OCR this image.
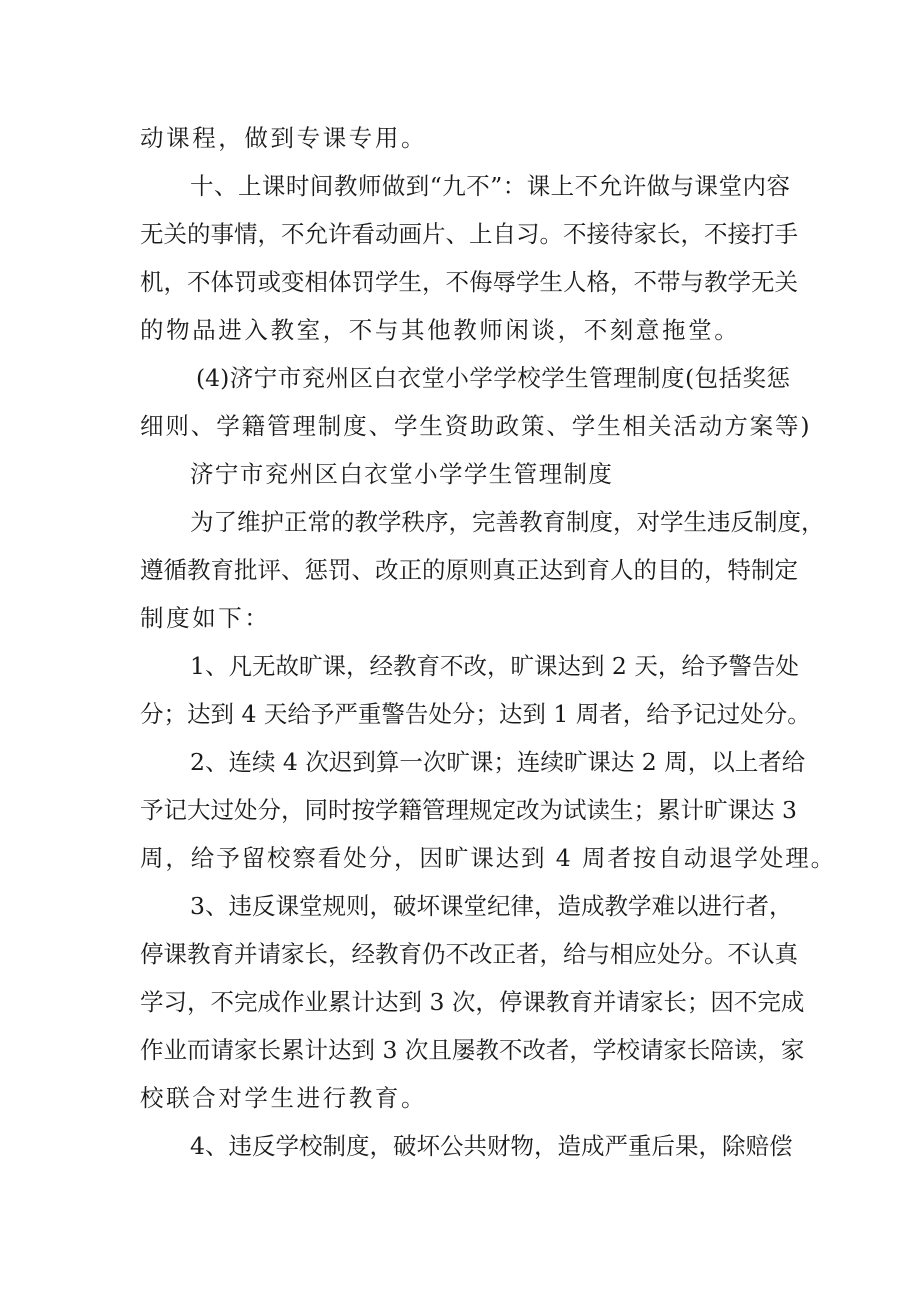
动课程，做到专课专用。
十、上课时间教师做到“九不”：课上不允许做与课堂内容
无关的事情，不允许看动画片、上自习。不接待家长，不接打手
机，不体罚或变相体罚学生，不侮辱学生人格，不带与教学无关
的物品进入教室，不与其他教师闲谈，不刻意拖堂。
(4)济宁市兖州区白衣堂小学学校学生管理制度(包括奖惩
细则、学籍管理制度、学生资助政策、学生相关活动方案等)
济宁市兖州区白衣堂小学学生管理制度
为了维护正常的教学秩序，完善教育制度，对学生违反制度，
遵循教育批评、惩罚、改正的原则真正达到育人的目的，特制定
制度如下：
1、凡无故旷课，经教育不改，旷课达到 2 天，给予警告处
分；达到 4 天给予严重警告处分；达到 1 周者，给予记过处分。
2、连续 4 次迟到算一次旷课；连续旷课达 2 周，以上者给
予记大过处分，同时按学籍管理规定改为试读生；累计旷课达 3
周，给予留校察看处分，因旷课达到 4 周者按自动退学处理。
3、违反课堂规则，破坏课堂纪律，造成教学难以进行者，
停课教育并请家长，经教育仍不改正者，给与相应处分。不认真
学习，不完成作业累计达到 3 次，停课教育并请家长；因不完成
作业而请家长累计达到 3 次且屡教不改者，学校请家长陪读，家
校联合对学生进行教育。
4、违反学校制度，破坏公共财物，造成严重后果，除赔偿
